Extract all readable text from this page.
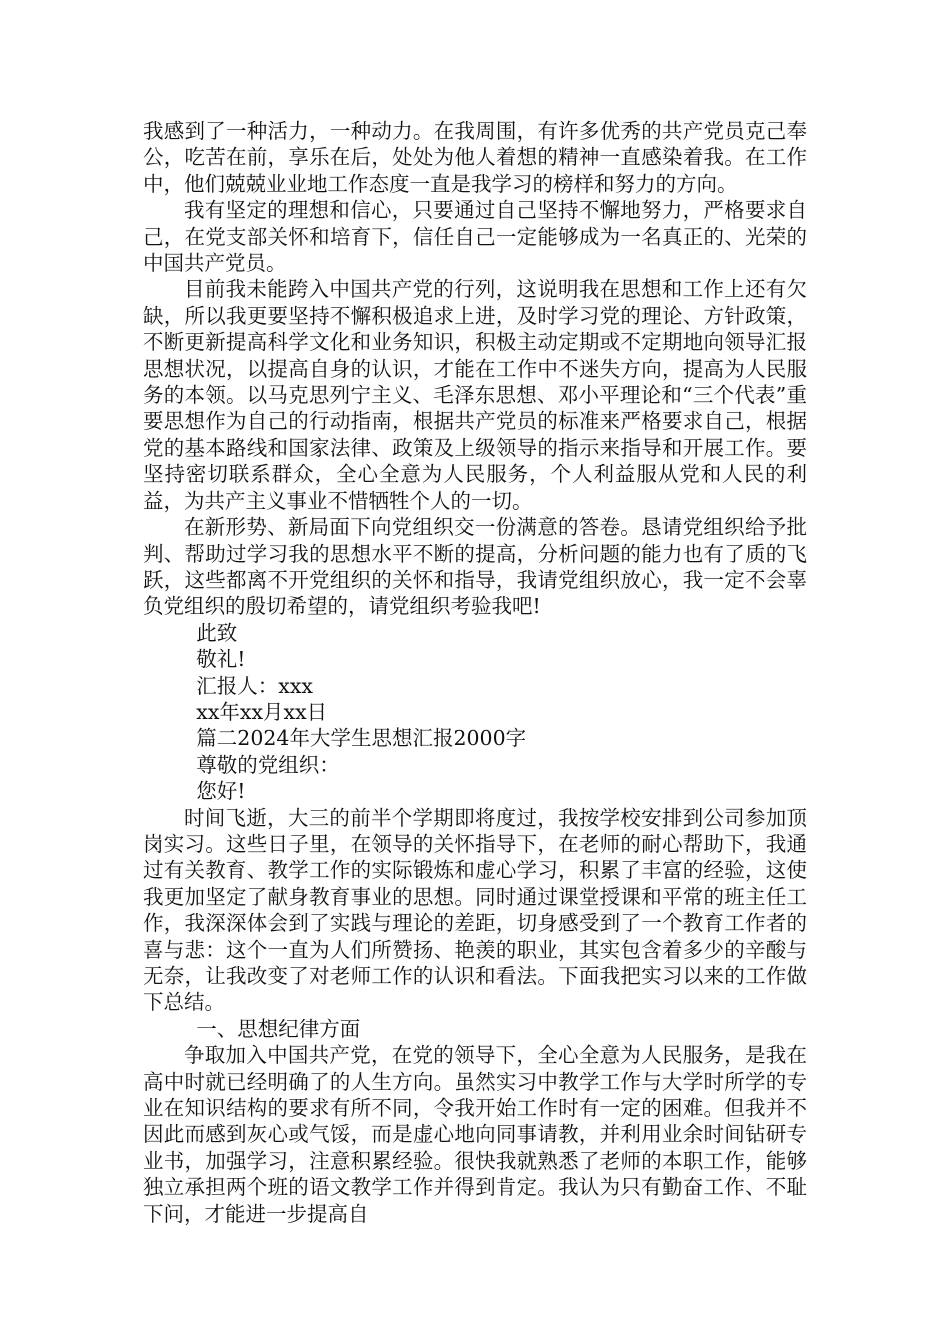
我感到了一种活力，一种动力。在我周围，有许多优秀的共产党员克己奉公，吃苦在前，享乐在后，处处为他人着想的精神一直感染着我。在工作中，他们兢兢业业地工作态度一直是我学习的榜样和努力的方向。

我有坚定的理想和信心，只要通过自己坚持不懈地努力，严格要求自己，在党支部关怀和培育下，信任自己一定能够成为一名真正的、光荣的中国共产党员。

目前我未能跨入中国共产党的行列，这说明我在思想和工作上还有欠缺，所以我更要坚持不懈积极追求上进，及时学习党的理论、方针政策，不断更新提高科学文化和业务知识，积极主动定期或不定期地向领导汇报思想状况，以提高自身的认识，才能在工作中不迷失方向，提高为人民服务的本领。以马克思列宁主义、毛泽东思想、邓小平理论和“三个代表”重要思想作为自己的行动指南，根据共产党员的标准来严格要求自己，根据党的基本路线和国家法律、政策及上级领导的指示来指导和开展工作。要坚持密切联系群众，全心全意为人民服务，个人利益服从党和人民的利益，为共产主义事业不惜牺牲个人的一切。

在新形势、新局面下向党组织交一份满意的答卷。恳请党组织给予批判、帮助过学习我的思想水平不断的提高，分析问题的能力也有了质的飞跃，这些都离不开党组织的关怀和指导，我请党组织放心，我一定不会辜负党组织的殷切希望的，请党组织考验我吧!

此致

敬礼!

汇报人：xxx

xx年xx月xx日

篇二2024年大学生思想汇报2000字

尊敬的党组织：

您好!

时间飞逝，大三的前半个学期即将度过，我按学校安排到公司参加顶岗实习。这些日子里，在领导的关怀指导下，在老师的耐心帮助下，我通过有关教育、教学工作的实际锻炼和虚心学习，积累了丰富的经验，这使我更加坚定了献身教育事业的思想。同时通过课堂授课和平常的班主任工作，我深深体会到了实践与理论的差距，切身感受到了一个教育工作者的喜与悲：这个一直为人们所赞扬、艳羡的职业，其实包含着多少的辛酸与无奈，让我改变了对老师工作的认识和看法。下面我把实习以来的工作做下总结。

一、思想纪律方面

争取加入中国共产党，在党的领导下，全心全意为人民服务，是我在高中时就已经明确了的人生方向。虽然实习中教学工作与大学时所学的专业在知识结构的要求有所不同，令我开始工作时有一定的困难。但我并不因此而感到灰心或气馁，而是虚心地向同事请教，并利用业余时间钻研专业书，加强学习，注意积累经验。很快我就熟悉了老师的本职工作，能够独立承担两个班的语文教学工作并得到肯定。我认为只有勤奋工作、不耻下问，才能进一步提高自
